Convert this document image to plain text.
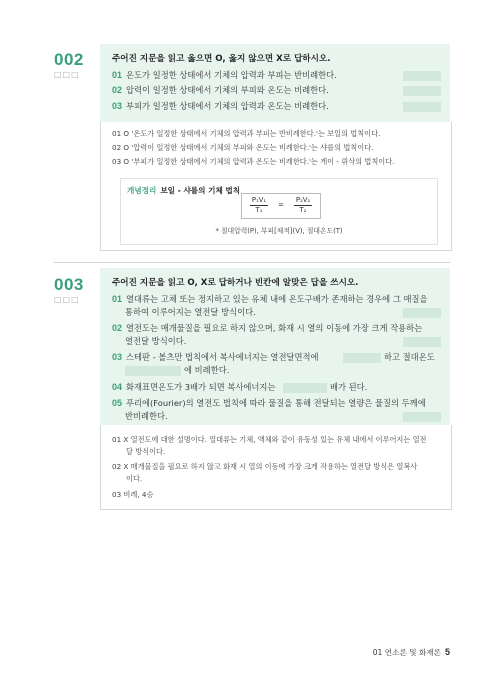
002
□□□
주어진 지문을 읽고 옳으면 O, 옳지 않으면 X로 답하시오.
01 온도가 일정한 상태에서 기체의 압력과 부피는 반비례한다.
02 압력이 일정한 상태에서 기체의 부피와 온도는 비례한다.
03 부피가 일정한 상태에서 기체의 압력과 온도는 비례한다.
01 O '온도가 일정한 상태에서 기체의 압력과 부피는 반비례한다.'는 보일의 법칙이다.
02 O '압력이 일정한 상태에서 기체의 부피와 온도는 비례한다.'는 샤를의 법칙이다.
03 O '부피가 일정한 상태에서 기체의 압력과 온도는 비례한다.'는 게이 - 뤼삭의 법칙이다.
개념정리 보일 - 샤를의 기체 법칙
P₁V₁
T₁
=
P₂V₂
T₂
* 절대압력(P), 부피[체적](V), 절대온도(T)
003
□□□
주어진 지문을 읽고 O, X로 답하거나 빈칸에 알맞은 답을 쓰시오.
01 열대류는 고체 또는 정지하고 있는 유체 내에 온도구배가 존재하는 경우에 그 매질을
통하여 이루어지는 열전달 방식이다.
02 열전도는 매개물질을 필요로 하지 않으며, 화재 시 열의 이동에 가장 크게 작용하는
열전달 방식이다.
03 스테판 - 볼츠만 법칙에서 복사에너지는 열전달면적에	하고 절대온도
에 비례한다.
04 화재표면온도가 3배가 되면 복사에너지는	배가 된다.
05 푸리에(Fourier)의 열전도 법칙에 따라 물질을 통해 전달되는 열량은 물질의 두께에
반비례한다.
01 X 열전도에 대한 설명이다. 열대류는 기체, 액체와 같이 유동성 있는 유체 내에서 이루어지는 열전
달 방식이다.
02 X 매개물질을 필요로 하지 않고 화재 시 열의 이동에 가장 크게 작용하는 열전달 방식은 열복사
이다.
03 비례, 4승
01 연소론 및 화재론 5
